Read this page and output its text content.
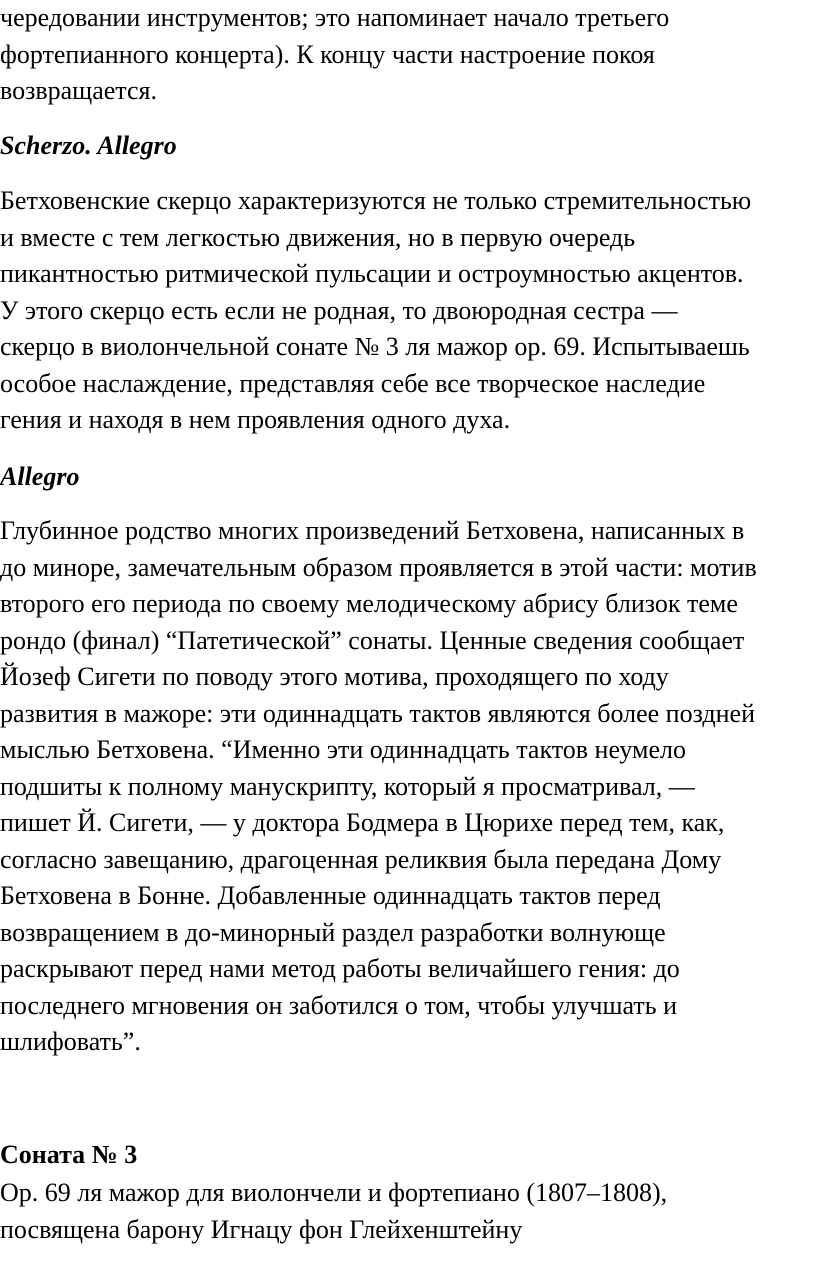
чередовании инструментов; это напоминает начало третьего
фортепианного концерта). К концу части настроение покоя
возвращается.
Scherzo. Allegro
Бетховенские скерцо характеризуются не только стремительностью
и вместе с тем легкостью движения, но в первую очередь
пикантностью ритмической пульсации и остроумностью акцентов.
У этого скерцо есть если не родная, то двоюродная сестра —
скерцо в виолончельной сонате № 3 ля мажор op. 69. Испытываешь
особое наслаждение, представляя себе все творческое наследие
гения и находя в нем проявления одного духа.
Allegro
Глубинное родство многих произведений Бетховена, написанных в
до миноре, замечательным образом проявляется в этой части: мотив
второго его периода по своему мелодическому абрису близок теме
рондо (финал) “Патетической” сонаты. Ценные сведения сообщает
Йозеф Сигети по поводу этого мотива, проходящего по ходу
развития в мажоре: эти одиннадцать тактов являются более поздней
мыслью Бетховена. “Именно эти одиннадцать тактов неумело
подшиты к полному манускрипту, который я просматривал, —
пишет Й. Сигети, — у доктора Бодмера в Цюрихе перед тем, как,
согласно завещанию, драгоценная реликвия была передана Дому
Бетховена в Бонне. Добавленные одиннадцать тактов перед
возвращением в до-минорный раздел разработки волнующе
раскрывают перед нами метод работы величайшего гения: до
последнего мгновения он заботился о том, чтобы улучшать и
шлифовать”.
Соната № 3
Op. 69 ля мажор для виолончели и фортепиано (1807–1808),
посвящена барону Игнацу фон Глейхенштейну
